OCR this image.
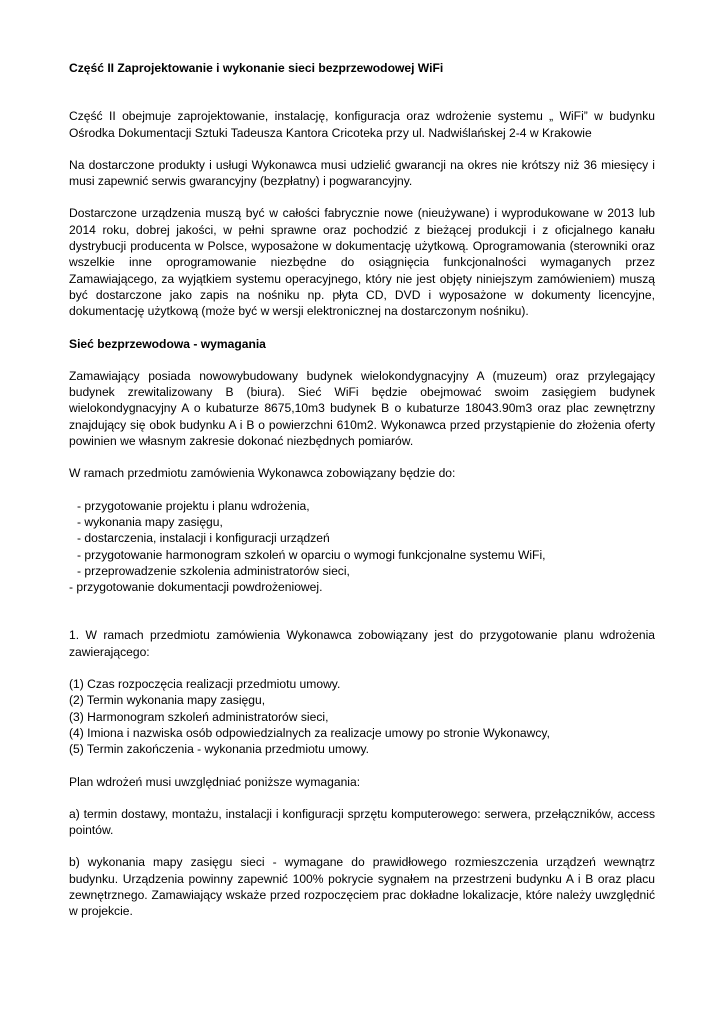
Część II Zaprojektowanie i wykonanie sieci bezprzewodowej WiFi

Część II obejmuje zaprojektowanie, instalację, konfiguracja oraz wdrożenie systemu „ WiFi” w budynku Ośrodka Dokumentacji Sztuki Tadeusza Kantora Cricoteka przy ul. Nadwiślańskej 2-4 w Krakowie

Na dostarczone produkty i usługi Wykonawca musi udzielić gwarancji na okres nie krótszy niż 36 miesięcy i musi zapewnić serwis gwarancyjny (bezpłatny) i pogwarancyjny.

Dostarczone urządzenia muszą być w całości fabrycznie nowe (nieużywane) i wyprodukowane w 2013 lub 2014 roku, dobrej jakości, w pełni sprawne oraz pochodzić z bieżącej produkcji i z oficjalnego kanału dystrybucji producenta w Polsce, wyposażone w dokumentację użytkową. Oprogramowania (sterowniki oraz wszelkie inne oprogramowanie niezbędne do osiągnięcia funkcjonalności wymaganych przez Zamawiającego, za wyjątkiem systemu operacyjnego, który nie jest objęty niniejszym zamówieniem) muszą być dostarczone jako zapis na nośniku np. płyta CD, DVD i wyposażone w dokumenty licencyjne, dokumentację użytkową (może być w wersji elektronicznej na dostarczonym nośniku).

Sieć bezprzewodowa - wymagania

Zamawiający posiada nowowybudowany budynek wielokondygnacyjny A (muzeum) oraz przylegający budynek zrewitalizowany B (biura). Sieć WiFi będzie obejmować swoim zasięgiem budynek wielokondygnacyjny A o kubaturze 8675,10m3 budynek B o kubaturze 18043.90m3 oraz plac zewnętrzny znajdujący się obok budynku A i B o powierzchni 610m2. Wykonawca przed przystąpienie do złożenia oferty powinien we własnym zakresie dokonać niezbędnych pomiarów.

W ramach przedmiotu zamówienia Wykonawca zobowiązany będzie do:

- przygotowanie projektu i planu wdrożenia,

- wykonania mapy zasięgu,

- dostarczenia, instalacji i konfiguracji urządzeń

- przygotowanie harmonogram szkoleń w oparciu o wymogi funkcjonalne systemu WiFi,

- przeprowadzenie szkolenia administratorów sieci,

- przygotowanie dokumentacji powdrożeniowej.

1. W ramach przedmiotu zamówienia Wykonawca zobowiązany jest do przygotowanie planu wdrożenia zawierającego:

(1) Czas rozpoczęcia realizacji przedmiotu umowy.

(2) Termin wykonania mapy zasięgu,

(3) Harmonogram szkoleń administratorów sieci,

(4) Imiona i nazwiska osób odpowiedzialnych za realizacje umowy po stronie Wykonawcy,

(5) Termin zakończenia - wykonania przedmiotu umowy.

Plan wdrożeń musi uwzględniać poniższe wymagania:

a) termin dostawy, montażu, instalacji i konfiguracji sprzętu komputerowego: serwera, przełączników, access pointów.

b) wykonania mapy zasięgu sieci - wymagane do prawidłowego rozmieszczenia urządzeń wewnątrz budynku. Urządzenia powinny zapewnić 100% pokrycie sygnałem na przestrzeni budynku A i B oraz placu zewnętrznego. Zamawiający wskaże przed rozpoczęciem prac dokładne lokalizacje, które należy uwzględnić w projekcie.
